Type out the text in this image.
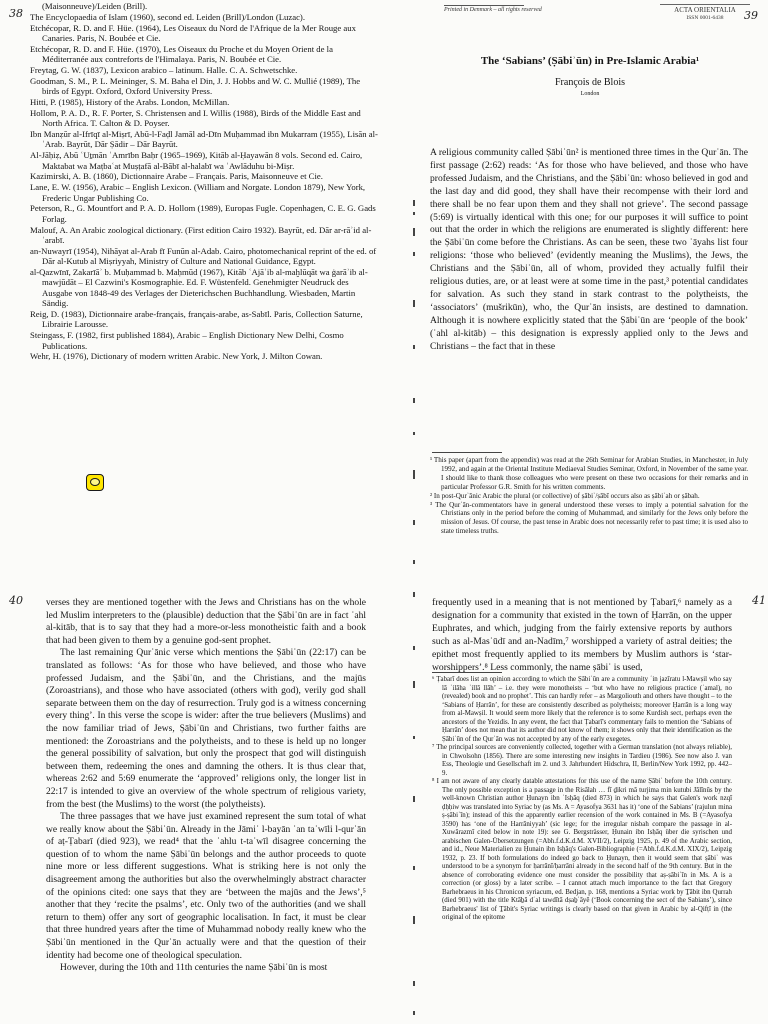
38

(Maisonneuve)/Leiden (Brill).

The Encyclopaedia of Islam (1960), second ed. Leiden (Brill)/London (Luzac).

Etchécopar, R. D. and F. Hüe. (1964), Les Oiseaux du Nord de l'Afrique de la Mer Rouge aux Canaries. Paris, N. Boubée et Cie.

Etchécopar, R. D. and F. Hüe. (1970), Les Oiseaux du Proche et du Moyen Orient de la Méditerranée aux contreforts de l'Himalaya. Paris, N. Boubée et Cie.

Freytag, G. W. (1837), Lexicon arabico – latinum. Halle. C. A. Schwetschke.

Goodman, S. M., P. L. Meininger, S. M. Baha el Din, J. J. Hobbs and W. C. Mullié (1989), The birds of Egypt. Oxford, Oxford University Press.

Hitti, P. (1985), History of the Arabs. London, McMillan.

Hollom, P. A. D., R. F. Porter, S. Christensen and I. Willis (1988), Birds of the Middle East and North Africa. T. Calton & D. Poyser.

Ibn Manẓūr al-Ifrīqī al-Miṣrī, Abū-l-Faḍl Jamāl ad-Dīn Muḥammad ibn Mukarram (1955), Lisān al-ʿArab. Bayrūt, Dār Ṣādir – Dār Bayrūt.

Al-Jāḥiẓ, Abū ʿUṯmān ʿAmrībn Baḥr (1965–1969), Kitāb al-Ḥayawān 8 vols. Second ed. Cairo, Maktabat wa Maṭbaʿat Muṣṭafā al-Bābī al-halabī wa ʾAwlāduhu bi-Miṣr.

Kazimirski, A. B. (1860), Dictionnaire Arabe – Français. Paris, Maisonneuve et Cie.

Lane, E. W. (1956), Arabic – English Lexicon. (William and Norgate. London 1879), New York, Frederic Ungar Publishing Co.

Peterson, R., G. Mountfort and P. A. D. Hollom (1989), Europas Fugle. Copenhagen, C. E. G. Gads Forlag.

Malouf, A. An Arabic zoological dictionary. (First edition Cairo 1932). Bayrūt, ed. Dār ar-rāʾid al-ʿarabī.

an-Nuwayrī (1954), Nihāyat al-Arab fī Funūn al-Adab. Cairo, photomechanical reprint of the ed. of Dār al-Kutub al Miṣriyyah, Ministry of Culture and National Guidance, Egypt.

al-Qazwīnī, Zakarīāʾ b. Muḥammad b. Maḥmūd (1967), Kitāb ʿAjāʾib al-maḫlūqāt wa ġarāʾib al-mawjūdāt – El Cazwini's Kosmographie. Ed. F. Wüstenfeld. Genehmigter Neudruck des Ausgabe von 1848-49 des Verlages der Dieterichschen Buchhandlung. Wiesbaden, Martin Sändig.

Reig, D. (1983), Dictionnaire arabe-français, français-arabe, as-Sabīl. Paris, Collection Saturne, Librairie Larousse.

Steingass, F. (1982, first published 1884), Arabic – English Dictionary New Delhi, Cosmo Publications.

Wehr, H. (1976), Dictionary of modern written Arabic. New York, J. Milton Cowan.

Printed in Denmark – all rights reserved	ACTA ORIENTALIA
ISSN 0001-6438	39
The ‘Sabians’ (Ṣābiʾūn) in Pre-Islamic Arabia¹
François de Blois
London
A religious community called Ṣābiʾūn² is mentioned three times in the Qurʾān. The first passage (2:62) reads: ‘As for those who have believed, and those who have professed Judaism, and the Christians, and the Ṣābiʾūn: whoso believed in god and the last day and did good, they shall have their recompense with their lord and there shall be no fear upon them and they shall not grieve’. The second passage (5:69) is virtually identical with this one; for our purposes it will suffice to point out that the order in which the religions are enumerated is slightly different: here the Ṣābiʾūn come before the Christians. As can be seen, these two ʾāyahs list four religions: ‘those who believed’ (evidently meaning the Muslims), the Jews, the Christians and the Ṣābiʾūn, all of whom, provided they actually fulfil their religious duties, are, or at least were at some time in the past,³ potential candidates for salvation. As such they stand in stark contrast to the polytheists, the ‘associators’ (mušrikūn), who, the Qurʾān insists, are destined to damnation. Although it is nowhere explicitly stated that the Ṣābiʾūn are ‘people of the book’ (ʾahl al-kitāb) – this designation is expressly applied only to the Jews and Christians – the fact that in these

¹ This paper (apart from the appendix) was read at the 26th Seminar for Arabian Studies, in Manchester, in July 1992, and again at the Oriental Institute Mediaeval Studies Seminar, Oxford, in November of the same year. I should like to thank those colleagues who were present on these two occasions for their remarks and in particular Professor G.R. Smith for his written comments.

² In post-Qurʾānic Arabic the plural (or collective) of ṣābiʾ/ṣābī occurs also as ṣābiʾah or ṣābah.

³ The Qurʾān-commentators have in general understood these verses to imply a potential salvation for the Christians only in the period before the coming of Muhammad, and similarly for the Jews only before the mission of Jesus. Of course, the past tense in Arabic does not necessarily refer to past time; it is used also to state timeless truths.

40 verses they are mentioned together with the Jews and Christians has on the whole led Muslim interpreters to the (plausible) deduction that the Ṣābiʾūn are in fact ʾahl al-kitāb, that is to say that they had a more-or-less monotheistic faith and a book that had been given to them by a genuine god-sent prophet.

The last remaining Qurʾānic verse which mentions the Ṣābiʾūn (22:17) can be translated as follows: ‘As for those who have believed, and those who have professed Judaism, and the Ṣābiʾūn, and the Christians, and the majūs (Zoroastrians), and those who have associated (others with god), verily god shall separate between them on the day of resurrection. Truly god is a witness concerning every thing’. In this verse the scope is wider: after the true believers (Muslims) and the now familiar triad of Jews, Ṣābiʾūn and Christians, two further faiths are mentioned: the Zoroastrians and the polytheists, and to these is held up no longer the general possibility of salvation, but only the prospect that god will distinguish between them, redeeming the ones and damning the others. It is thus clear that, whereas 2:62 and 5:69 enumerate the ‘approved’ religions only, the longer list in 22:17 is intended to give an overview of the whole spectrum of religious variety, from the best (the Muslims) to the worst (the polytheists).

The three passages that we have just examined represent the sum total of what we really know about the Ṣābiʾūn. Already in the Jāmiʿ l-bayān ʿan taʾwīli l-qurʾān of aṭ-Ṭabarī (died 923), we read⁴ that the ʾahlu t-taʾwīl disagree concerning the question of to whom the name Ṣābiʾūn belongs and the author proceeds to quote nine more or less different suggestions. What is striking here is not only the disagreement among the authorities but also the overwhelmingly abstract character of the opinions cited: one says that they are ‘between the majūs and the Jews’,⁵ another that they ‘recite the psalms’, etc. Only two of the authorities (and we shall return to them) offer any sort of geographic localisation. In fact, it must be clear that three hundred years after the time of Muhammad nobody really knew who the Ṣābiʾūn mentioned in the Qurʾān actually were and that the question of their identity had become one of theological speculation.

However, during the 10th and 11th centuries the name Ṣābiʾūn is most

41
frequently used in a meaning that is not mentioned by Ṭabarī,⁶ namely as a designation for a community that existed in the town of Ḥarrān, on the upper Euphrates, and which, judging from the fairly extensive reports by authors such as al-Masʿūdī and an-Nadīm,⁷ worshipped a variety of astral deities; the epithet most frequently applied to its members by Muslim authors is ‘star-worshippers’.⁸ Less commonly, the name ṣābiʾ is used,

⁶ Ṭabarī does list an opinion according to which the Ṣābiʾūn are a community ʿin jazīratu l-Mawṣil who say lā ʾilāha ʾillā llāh’ – i.e. they were monotheists – ‘but who have no religious practice (ʿamal), no (revealed) book and no prophet’. This can hardly refer – as Margoliouth and others have thought – to the ‘Sabians of Ḥarrān’, for these are consistently described as polytheists; moreover Ḥarrān is a long way from al-Mawṣil. It would seem more likely that the reference is to some Kurdish sect, perhaps even the ancestors of the Yezidis. In any event, the fact that Ṭabarī's commentary fails to mention the ‘Sabians of Ḥarrān’ does not mean that its author did not know of them; it shows only that their identification as the Ṣābiʾūn of the Qurʾān was not accepted by any of the early exegetes.

⁷ The principal sources are conveniently collected, together with a German translation (not always reliable), in Chwolsohn (1856). There are some interesting new insights in Tardieu (1986). See now also J. van Ess, Theologie und Gesellschaft im 2. und 3. Jahrhundert Hidschra, II, Berlin/New York 1992, pp. 442–9.

⁸ I am not aware of any clearly datable attestations for this use of the name Ṣābiʾ before the 10th century. The only possible exception is a passage in the Risālah … fī ḏikri mā turjima min kutubi Jālīnūs by the well-known Christian author Ḥunayn ibn ʾIsḥāq (died 873) in which he says that Galen's work nzqī ḍḥḥiw was translated into Syriac by (as Ms. A = Ayasofya 3631 has it) ‘one of the Sabians’ (rajulun mina ṣ-ṣābiʾīn); instead of this the apparently earlier recension of the work contained in Ms. B (=Ayasofya 3590) has ‘one of the Harrāniyyah’ (sic lege; for the irregular nisbah compare the passage in al-Xuwārazmī cited below in note 19): see G. Bergsträsser, Ḥunain ibn Isḥāq über die syrischen und arabischen Galen-Übersetzungen (=Abh.f.d.K.d.M. XVII/2), Leipzig 1925, p. 49 of the Arabic section, and id., Neue Materialien zu Ḥunain ibn Isḥāq's Galen-Bibliographie (=Abh.f.d.K.d.M. XIX/2), Leipzig 1932, p. 23. If both formulations do indeed go back to Ḥunayn, then it would seem that ṣābiʾ was understood to be a synonym for ḥarrānī/ḥarrāni already in the second half of the 9th century. But in the absence of corroborating evidence one must consider the possibility that aṣ-ṣābiʾīn in Ms. A is a correction (or gloss) by a later scribe. – I cannot attach much importance to the fact that Gregory Barhebraeus in his Chronicon syriacum, ed. Bedjan, p. 168, mentions a Syriac work by Ṯābit ibn Qurrah (died 901) with the title Ktāḇā dʿal tawdītā dṣaḇʾāyē (‘Book concerning the sect of the Sabians’), since Barhebraeus' list of Ṯābit's Syriac writings is clearly based on that given in Arabic by al-Qifṭī in (the original of the epitome
